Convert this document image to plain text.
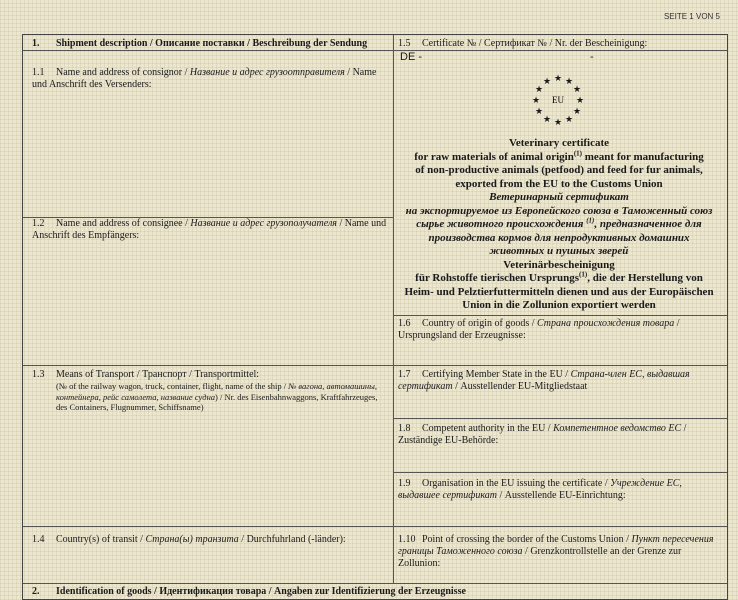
SEITE 1 VON 5
1. Shipment description / Описание поставки / Beschreibung der Sendung	1.5 Certificate № / Сертификат № / Nr. der Bescheinigung:
DE -	-
1.1 Name and address of consignor / Название и адрес грузоотправителя / Name und Anschrift des Versenders:
★ ★
★
★
★
★
★
★
★
★
★
★
EU
Veterinary certificate
for raw materials of animal origin$^{(1)}$ meant for manufacturing
of non-productive animals (petfood) and feed for fur animals,
exported from the EU to the Customs Union
Ветеринарный сертификат
на экспортируемое из Европейского союза в Таможенный союз
сырье животного происхождения $^{(1)}$, предназначенное для
производства кормов для непродуктивных домашних
животных и пушных зверей
Veterinärbescheinigung
für Rohstoffe tierischen Ursprungs$^{(1)}$, die der Herstellung von
Heim- und Pelztierfuttermitteln dienen und aus der Europäischen
Union in die Zollunion exportiert werden
1.2 Name and address of consignee / Название и адрес грузополучателя / Name und Anschrift des Empfängers:
1.6 Country of origin of goods / Страна происхождения товара / Ursprungsland der Erzeugnisse:
1.3 Means of Transport / Транспорт / Transportmittel:
(№ of the railway wagon, truck, container, flight, name of the ship / № вагона, автомашины, контейнера, рейс самолета, название судна) / Nr. des Eisenbahnwaggons, Kraftfahrzeuges, des Containers, Flugnummer, Schiffsname)
1.7 Certifying Member State in the EU / Страна-член ЕС, выдавшая сертификат / Ausstellender EU-Mitgliedstaat
1.8 Competent authority in the EU / Компетентное ведомство ЕС / Zuständige EU-Behörde:
1.9 Organisation in the EU issuing the certificate / Учреждение ЕС, выдавшее сертификат / Ausstellende EU-Einrichtung:
1.4 Country(s) of transit / Страна(ы) транзита / Durchfuhrland (-länder):	1.10 Point of crossing the border of the Customs Union / Пункт пересечения границы Таможенного союза / Grenzkontrollstelle an der Grenze zur Zollunion:
2. Identification of goods / Идентификация товара / Angaben zur Identifizierung der Erzeugnisse
